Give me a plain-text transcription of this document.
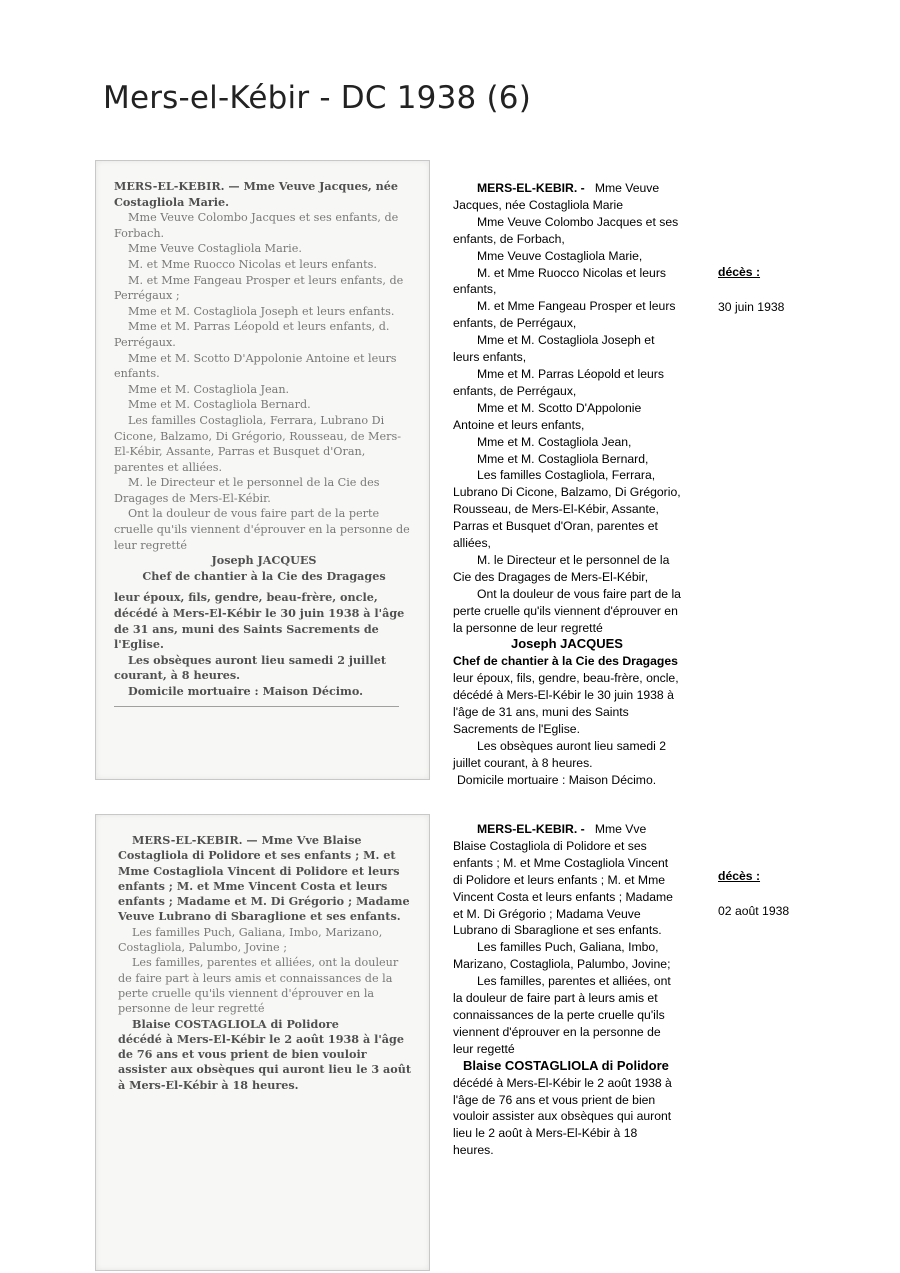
Mers-el-Kébir - DC 1938 (6)

MERS-EL-KEBIR. — Mme Veuve Jacques, née Costagliola Marie.

Mme Veuve Colombo Jacques et ses enfants, de Forbach.

Mme Veuve Costagliola Marie.

M. et Mme Ruocco Nicolas et leurs enfants.

M. et Mme Fangeau Prosper et leurs enfants, de Perrégaux ;

Mme et M. Costagliola Joseph et leurs enfants.

Mme et M. Parras Léopold et leurs enfants, d. Perrégaux.

Mme et M. Scotto D'Appolonie Antoine et leurs enfants.

Mme et M. Costagliola Jean.

Mme et M. Costagliola Bernard.

Les familles Costagliola, Ferrara, Lubrano Di Cicone, Balzamo, Di Grégorio, Rousseau, de Mers-El-Kébir, Assante, Parras et Busquet d'Oran, parentes et alliées.

M. le Directeur et le personnel de la Cie des Dragages de Mers-El-Kébir.

Ont la douleur de vous faire part de la perte cruelle qu'ils viennent d'éprouver en la personne de leur regretté

Joseph JACQUES

Chef de chantier à la Cie des Dragages

leur époux, fils, gendre, beau-frère, oncle, décédé à Mers-El-Kébir le 30 juin 1938 à l'âge de 31 ans, muni des Saints Sacrements de l'Eglise.

Les obsèques auront lieu samedi 2 juillet courant, à 8 heures.

Domicile mortuaire : Maison Décimo.

MERS-EL-KEBIR. - Mme Veuve Jacques, née Costagliola Marie

Mme Veuve Colombo Jacques et ses enfants, de Forbach,

Mme Veuve Costagliola Marie,

M. et Mme Ruocco Nicolas et leurs enfants,

M. et Mme Fangeau Prosper et leurs enfants, de Perrégaux,

Mme et M. Costagliola Joseph et leurs enfants,

Mme et M. Parras Léopold et leurs enfants, de Perrégaux,

Mme et M. Scotto D'Appolonie Antoine et leurs enfants,

Mme et M. Costagliola Jean,

Mme et M. Costagliola Bernard,

Les familles Costagliola, Ferrara, Lubrano Di Cicone, Balzamo, Di Grégorio, Rousseau, de Mers-El-Kébir, Assante, Parras et Busquet d'Oran, parentes et alliées,

M. le Directeur et le personnel de la Cie des Dragages de Mers-El-Kébir,

Ont la douleur de vous faire part de la perte cruelle qu'ils viennent d'éprouver en la personne de leur regretté

Joseph JACQUES

Chef de chantier à la Cie des Dragages

leur époux, fils, gendre, beau-frère, oncle, décédé à Mers-El-Kébir le 30 juin 1938 à l'âge de 31 ans, muni des Saints Sacrements de l'Eglise.

Les obsèques auront lieu samedi 2 juillet courant, à 8 heures.

Domicile mortuaire : Maison Décimo.

décès :
30 juin 1938

MERS-EL-KEBIR. — Mme Vve Blaise Costagliola di Polidore et ses enfants ; M. et Mme Costagliola Vincent di Polidore et leurs enfants ; M. et Mme Vincent Costa et leurs enfants ; Madame et M. Di Grégorio ; Madame Veuve Lubrano di Sbaraglione et ses enfants.

Les familles Puch, Galiana, Imbo, Marizano, Costagliola, Palumbo, Jovine ;

Les familles, parentes et alliées, ont la douleur de faire part à leurs amis et connaissances de la perte cruelle qu'ils viennent d'éprouver en la personne de leur regretté

Blaise COSTAGLIOLA di Polidore

décédé à Mers-El-Kébir le 2 août 1938 à l'âge de 76 ans et vous prient de bien vouloir assister aux obsèques qui auront lieu le 3 août à Mers-El-Kébir à 18 heures.

MERS-EL-KEBIR. - Mme Vve Blaise Costagliola di Polidore et ses enfants ; M. et Mme Costagliola Vincent di Polidore et leurs enfants ; M. et Mme Vincent Costa et leurs enfants ; Madame et M. Di Grégorio ; Madama Veuve Lubrano di Sbaraglione et ses enfants.

Les familles Puch, Galiana, Imbo, Marizano, Costagliola, Palumbo, Jovine;

Les familles, parentes et alliées, ont la douleur de faire part à leurs amis et connaissances de la perte cruelle qu'ils viennent d'éprouver en la personne de leur regetté

Blaise COSTAGLIOLA di Polidore

décédé à Mers-El-Kébir le 2 août 1938 à l'âge de 76 ans et vous prient de bien vouloir assister aux obsèques qui auront lieu le 2 août à Mers-El-Kébir à 18 heures.

décès :
02 août 1938
